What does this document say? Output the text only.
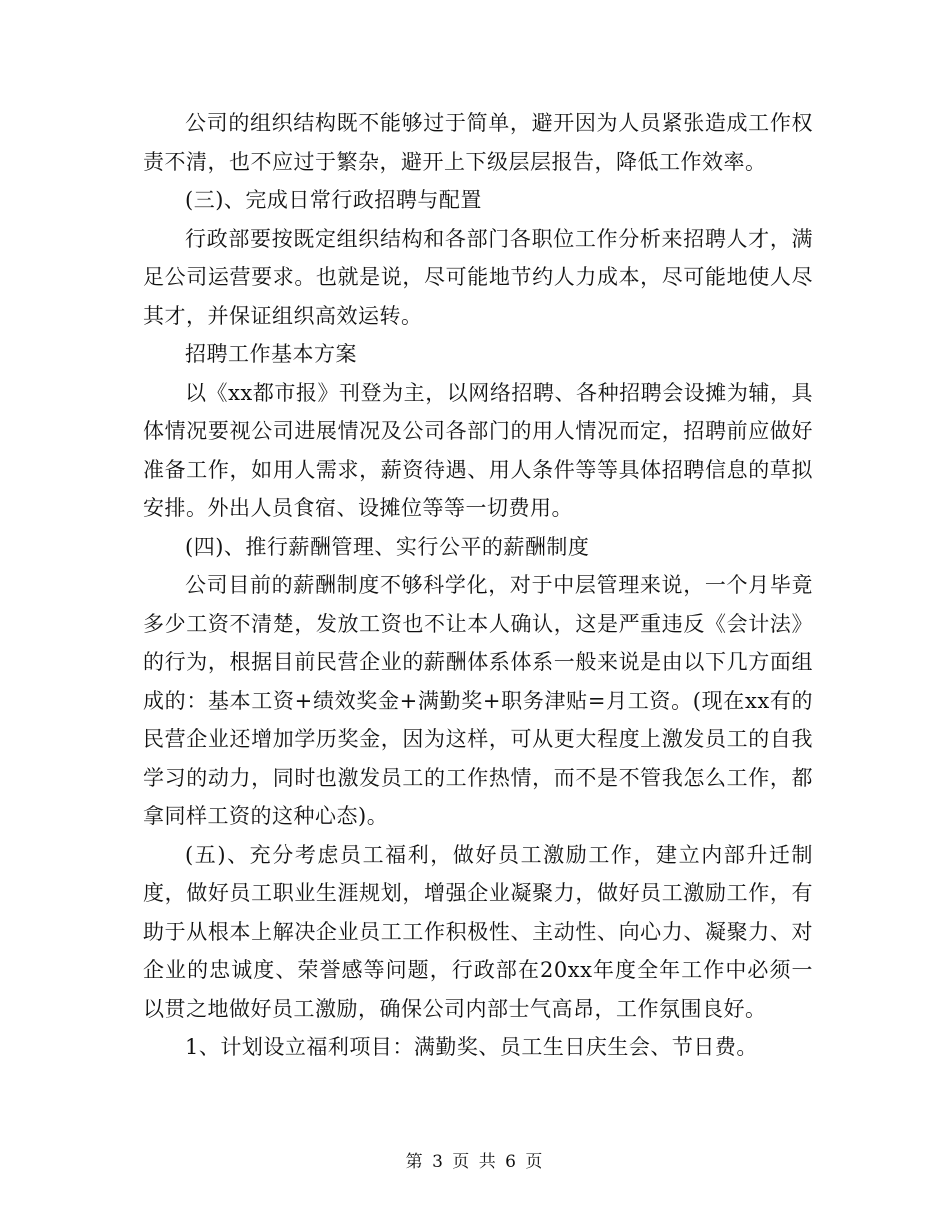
公司的组织结构既不能够过于简单，避开因为人员紧张造成工作权责不清，也不应过于繁杂，避开上下级层层报告，降低工作效率。

(三)、完成日常行政招聘与配置

行政部要按既定组织结构和各部门各职位工作分析来招聘人才，满足公司运营要求。也就是说，尽可能地节约人力成本，尽可能地使人尽其才，并保证组织高效运转。

招聘工作基本方案

以《xx都市报》刊登为主，以网络招聘、各种招聘会设摊为辅，具体情况要视公司进展情况及公司各部门的用人情况而定，招聘前应做好准备工作，如用人需求，薪资待遇、用人条件等等具体招聘信息的草拟安排。外出人员食宿、设摊位等等一切费用。

(四)、推行薪酬管理、实行公平的薪酬制度

公司目前的薪酬制度不够科学化，对于中层管理来说，一个月毕竟多少工资不清楚，发放工资也不让本人确认，这是严重违反《会计法》的行为，根据目前民营企业的薪酬体系体系一般来说是由以下几方面组成的：基本工资+绩效奖金+满勤奖+职务津贴=月工资。(现在xx有的民营企业还增加学历奖金，因为这样，可从更大程度上激发员工的自我学习的动力，同时也激发员工的工作热情，而不是不管我怎么工作，都拿同样工资的这种心态)。

(五)、充分考虑员工福利，做好员工激励工作，建立内部升迁制度，做好员工职业生涯规划，增强企业凝聚力，做好员工激励工作，有助于从根本上解决企业员工工作积极性、主动性、向心力、凝聚力、对企业的忠诚度、荣誉感等问题，行政部在20xx年度全年工作中必须一以贯之地做好员工激励，确保公司内部士气高昂，工作氛围良好。

1、计划设立福利项目：满勤奖、员工生日庆生会、节日费。

第 3 页 共 6 页
